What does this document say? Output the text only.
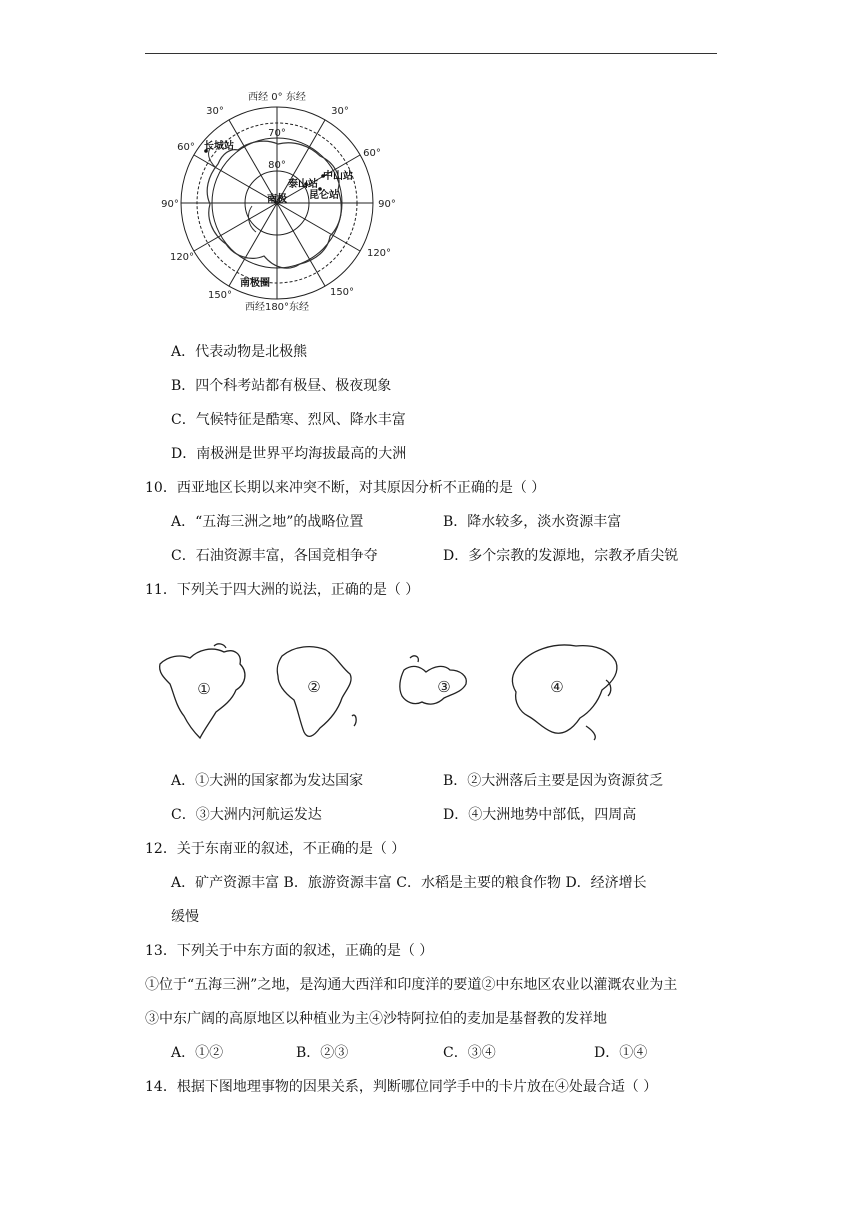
西经 0° 东经
西经180°东经
30°	30°
60°
60°
90°	90°
120°	120°
150°	150°
70°
80°
南极
长城站
中山站
泰山站
昆仑站
南极圈
A．代表动物是北极熊
B．四个科考站都有极昼、极夜现象
C．气候特征是酷寒、烈风、降水丰富
D．南极洲是世界平均海拔最高的大洲
10．西亚地区长期以来冲突不断，对其原因分析不正确的是（ ）
A．“五海三洲之地”的战略位置	B．降水较多，淡水资源丰富
C．石油资源丰富，各国竞相争夺	D．多个宗教的发源地，宗教矛盾尖锐
11．下列关于四大洲的说法，正确的是（ ）
①	②	③	④
A．①大洲的国家都为发达国家	B．②大洲落后主要是因为资源贫乏
C．③大洲内河航运发达	D．④大洲地势中部低，四周高
12．关于东南亚的叙述，不正确的是（ ）
A．矿产资源丰富 B．旅游资源丰富 C．水稻是主要的粮食作物 D．经济增长
缓慢
13．下列关于中东方面的叙述，正确的是（ ）
①位于“五海三洲”之地，是沟通大西洋和印度洋的要道②中东地区农业以灌溉农业为主
③中东广阔的高原地区以种植业为主④沙特阿拉伯的麦加是基督教的发祥地
A．①②	B．②③	C．③④	D．①④
14．根据下图地理事物的因果关系，判断哪位同学手中的卡片放在④处最合适（ ）
